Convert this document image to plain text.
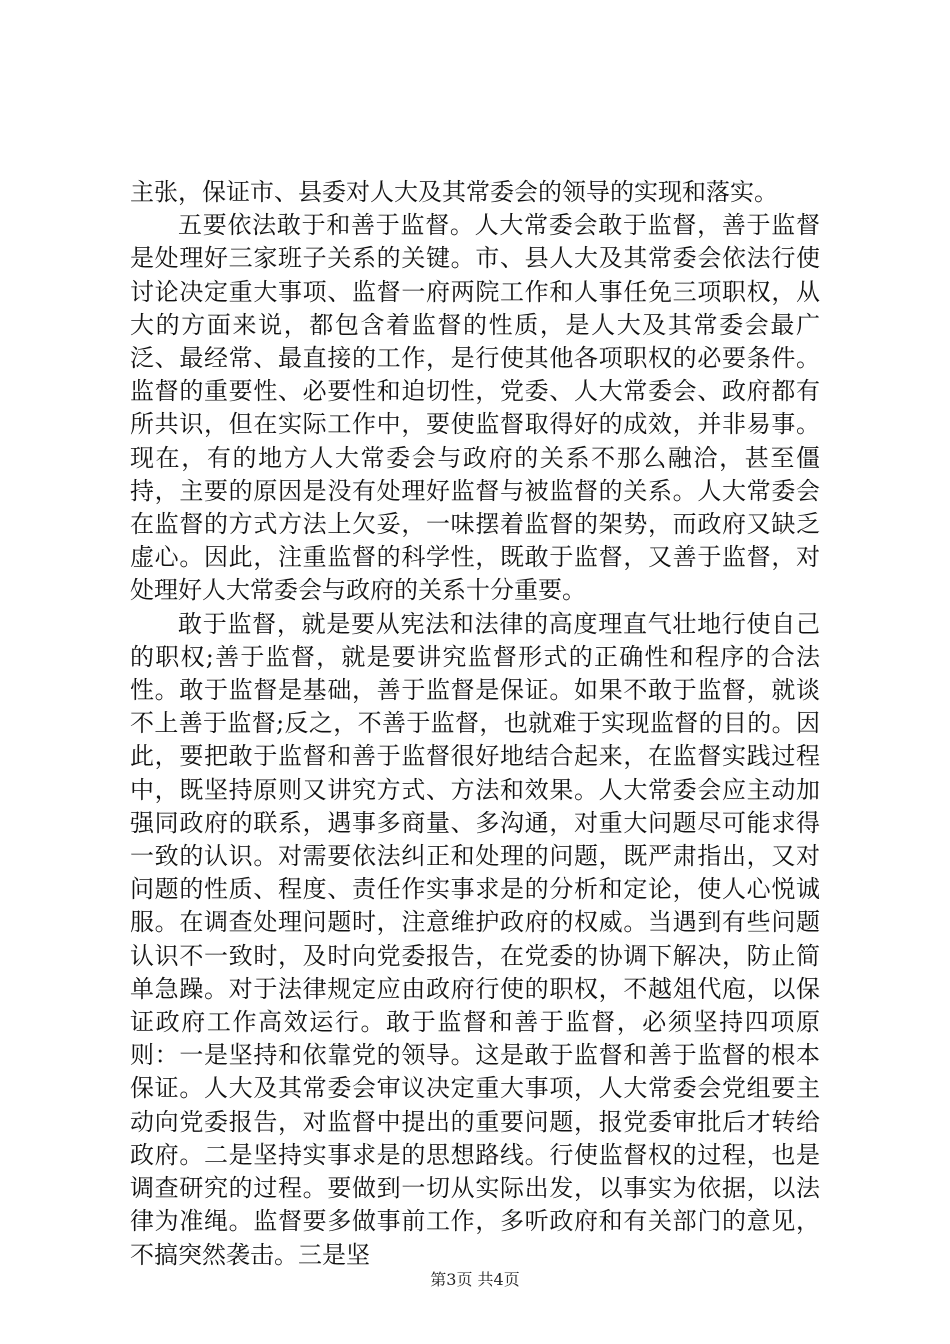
主张，保证市、县委对人大及其常委会的领导的实现和落实。

五要依法敢于和善于监督。人大常委会敢于监督，善于监督是处理好三家班子关系的关键。市、县人大及其常委会依法行使讨论决定重大事项、监督一府两院工作和人事任免三项职权，从大的方面来说，都包含着监督的性质，是人大及其常委会最广泛、最经常、最直接的工作，是行使其他各项职权的必要条件。监督的重要性、必要性和迫切性，党委、人大常委会、政府都有所共识，但在实际工作中，要使监督取得好的成效，并非易事。现在，有的地方人大常委会与政府的关系不那么融洽，甚至僵持，主要的原因是没有处理好监督与被监督的关系。人大常委会在监督的方式方法上欠妥，一味摆着监督的架势，而政府又缺乏虚心。因此，注重监督的科学性，既敢于监督，又善于监督，对处理好人大常委会与政府的关系十分重要。

敢于监督，就是要从宪法和法律的高度理直气壮地行使自己的职权;善于监督，就是要讲究监督形式的正确性和程序的合法性。敢于监督是基础，善于监督是保证。如果不敢于监督，就谈不上善于监督;反之，不善于监督，也就难于实现监督的目的。因此，要把敢于监督和善于监督很好地结合起来，在监督实践过程中，既坚持原则又讲究方式、方法和效果。人大常委会应主动加强同政府的联系，遇事多商量、多沟通，对重大问题尽可能求得一致的认识。对需要依法纠正和处理的问题，既严肃指出，又对问题的性质、程度、责任作实事求是的分析和定论，使人心悦诚服。在调查处理问题时，注意维护政府的权威。当遇到有些问题认识不一致时，及时向党委报告，在党委的协调下解决，防止简单急躁。对于法律规定应由政府行使的职权，不越俎代庖，以保证政府工作高效运行。敢于监督和善于监督，必须坚持四项原则：一是坚持和依靠党的领导。这是敢于监督和善于监督的根本保证。人大及其常委会审议决定重大事项，人大常委会党组要主动向党委报告，对监督中提出的重要问题，报党委审批后才转给政府。二是坚持实事求是的思想路线。行使监督权的过程，也是调查研究的过程。要做到一切从实际出发，以事实为依据，以法律为准绳。监督要多做事前工作，多听政府和有关部门的意见，不搞突然袭击。三是坚

第3页 共4页
